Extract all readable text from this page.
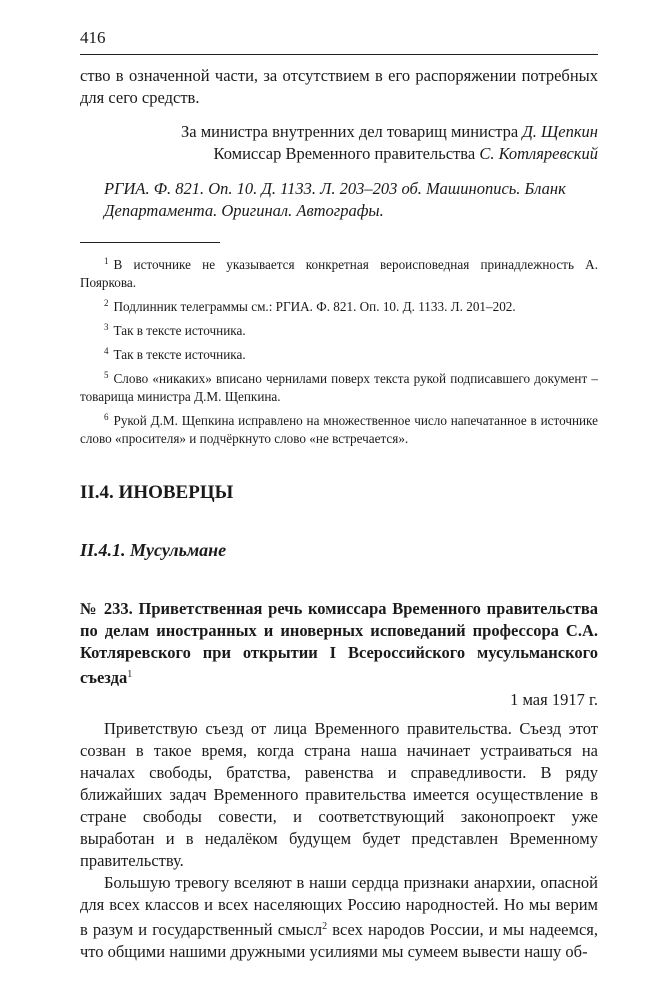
416
ство в означенной части, за отсутствием в его распоряжении потребных для сего средств.
За министра внутренних дел товарищ министра Д. Щепкин
Комиссар Временного правительства С. Котляревский
РГИА. Ф. 821. Оп. 10. Д. 1133. Л. 203–203 об. Машинопись. Бланк Департамента. Оригинал. Автографы.

$^1$ В источнике не указывается конкретная вероисповедная принадлежность А. Пояркова.

$^2$ Подлинник телеграммы см.: РГИА. Ф. 821. Оп. 10. Д. 1133. Л. 201–202.

$^3$ Так в тексте источника.

$^4$ Так в тексте источника.

$^5$ Слово «никаких» вписано чернилами поверх текста рукой подписавшего документ – товарища министра Д.М. Щепкина.

$^6$ Рукой Д.М. Щепкина исправлено на множественное число напечатанное в источнике слово «просителя» и подчёркнуто слово «не встречается».

II.4. ИНОВЕРЦЫ
II.4.1. Мусульмане
№ 233. Приветственная речь комиссара Временного правительства по делам иностранных и иноверных исповеданий профессора С.А. Котляревского при открытии I Всероссийского мусульманского съезда$^1$
1 мая 1917 г.

Приветствую съезд от лица Временного правительства. Съезд этот созван в такое время, когда страна наша начинает устраиваться на началах свободы, братства, равенства и справедливости. В ряду ближайших задач Временного правительства имеется осуществление в стране свободы совести, и соответствующий законопроект уже выработан и в недалёком будущем будет представлен Временному правительству.

Большую тревогу вселяют в наши сердца признаки анархии, опасной для всех классов и всех населяющих Россию народностей. Но мы верим в разум и государственный смысл$^2$ всех народов России, и мы надеемся, что общими нашими дружными усилиями мы сумеем вывести нашу об-
